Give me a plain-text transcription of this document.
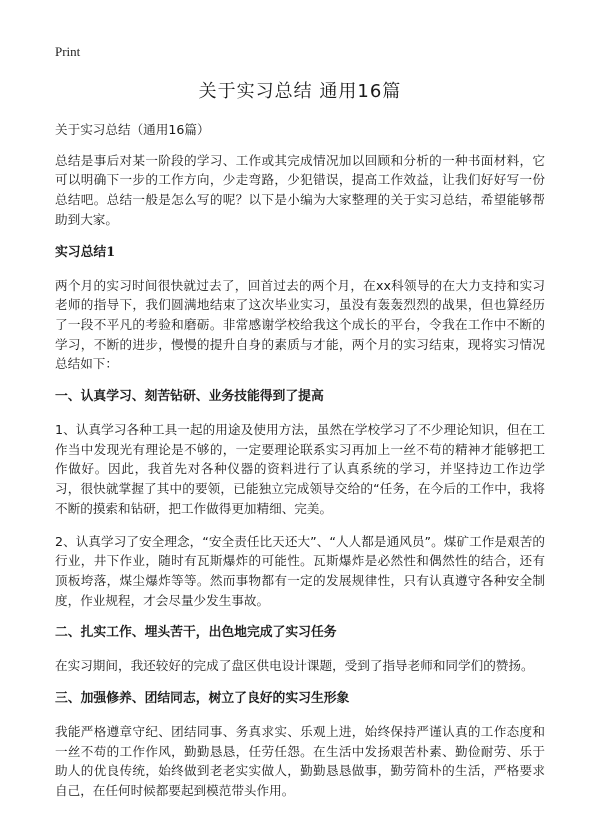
Print
关于实习总结 通用16篇

关于实习总结（通用16篇）

总结是事后对某一阶段的学习、工作或其完成情况加以回顾和分析的一种书面材料，它可以明确下一步的工作方向，少走弯路，少犯错误，提高工作效益，让我们好好写一份总结吧。总结一般是怎么写的呢？以下是小编为大家整理的关于实习总结，希望能够帮助到大家。

实习总结1

两个月的实习时间很快就过去了，回首过去的两个月，在xx科领导的在大力支持和实习老师的指导下，我们圆满地结束了这次毕业实习，虽没有轰轰烈烈的战果，但也算经历了一段不平凡的考验和磨砺。非常感谢学校给我这个成长的平台，令我在工作中不断的学习，不断的进步，慢慢的提升自身的素质与才能，两个月的实习结束，现将实习情况总结如下：

一、认真学习、刻苦钻研、业务技能得到了提高

1、认真学习各种工具一起的用途及使用方法，虽然在学校学习了不少理论知识，但在工作当中发现光有理论是不够的，一定要理论联系实习再加上一丝不苟的精神才能够把工作做好。因此，我首先对各种仪器的资料进行了认真系统的学习，并坚持边工作边学习，很快就掌握了其中的要领，已能独立完成领导交给的“任务，在今后的工作中，我将不断的摸索和钻研，把工作做得更加精细、完美。

2、认真学习了安全理念，“安全责任比天还大”、“人人都是通风员”。煤矿工作是艰苦的行业，井下作业，随时有瓦斯爆炸的可能性。瓦斯爆炸是必然性和偶然性的结合，还有顶板垮落，煤尘爆炸等等。然而事物都有一定的发展规律性，只有认真遵守各种安全制度，作业规程，才会尽量少发生事故。

二、扎实工作、埋头苦干，出色地完成了实习任务

在实习期间，我还较好的完成了盘区供电设计课题，受到了指导老师和同学们的赞扬。

三、加强修养、团结同志，树立了良好的实习生形象

我能严格遵章守纪、团结同事、务真求实、乐观上进，始终保持严谨认真的工作态度和一丝不苟的工作作风，勤勤恳恳，任劳任怨。在生活中发扬艰苦朴素、勤俭耐劳、乐于助人的优良传统，始终做到老老实实做人，勤勤恳恳做事，勤劳简朴的生活，严格要求自己，在任何时候都要起到模范带头作用。
